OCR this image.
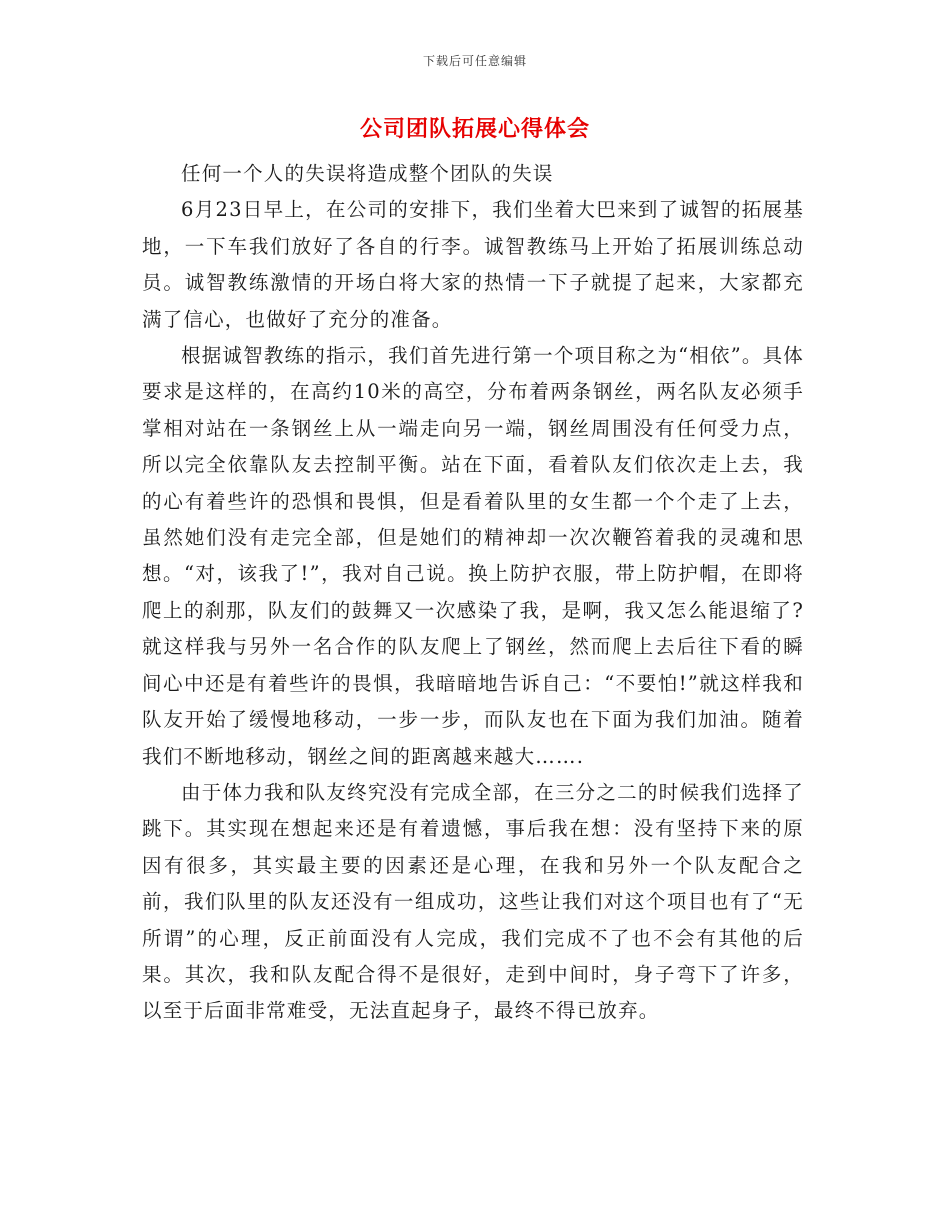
下载后可任意编辑
公司团队拓展心得体会

任何一个人的失误将造成整个团队的失误

6月23日早上，在公司的安排下，我们坐着大巴来到了诚智的拓展基地，一下车我们放好了各自的行李。诚智教练马上开始了拓展训练总动员。诚智教练激情的开场白将大家的热情一下子就提了起来，大家都充满了信心，也做好了充分的准备。

根据诚智教练的指示，我们首先进行第一个项目称之为“相依”。具体要求是这样的，在高约10米的高空，分布着两条钢丝，两名队友必须手掌相对站在一条钢丝上从一端走向另一端，钢丝周围没有任何受力点，所以完全依靠队友去控制平衡。站在下面，看着队友们依次走上去，我的心有着些许的恐惧和畏惧，但是看着队里的女生都一个个走了上去，虽然她们没有走完全部，但是她们的精神却一次次鞭笞着我的灵魂和思想。“对，该我了!”，我对自己说。换上防护衣服，带上防护帽，在即将爬上的刹那，队友们的鼓舞又一次感染了我，是啊，我又怎么能退缩了?就这样我与另外一名合作的队友爬上了钢丝，然而爬上去后往下看的瞬间心中还是有着些许的畏惧，我暗暗地告诉自己：“不要怕!”就这样我和队友开始了缓慢地移动，一步一步，而队友也在下面为我们加油。随着我们不断地移动，钢丝之间的距离越来越大…….

由于体力我和队友终究没有完成全部，在三分之二的时候我们选择了跳下。其实现在想起来还是有着遗憾，事后我在想：没有坚持下来的原因有很多，其实最主要的因素还是心理，在我和另外一个队友配合之前，我们队里的队友还没有一组成功，这些让我们对这个项目也有了“无所谓”的心理，反正前面没有人完成，我们完成不了也不会有其他的后果。其次，我和队友配合得不是很好，走到中间时，身子弯下了许多，以至于后面非常难受，无法直起身子，最终不得已放弃。
